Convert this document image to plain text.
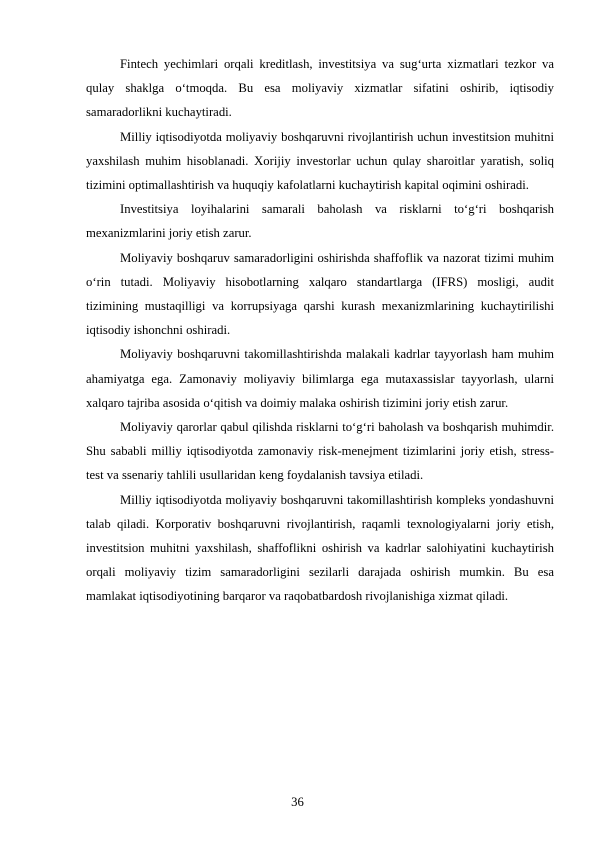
Fintech yechimlari orqali kreditlash, investitsiya va sug‘urta xizmatlari tezkor va qulay shaklga o‘tmoqda. Bu esa moliyaviy xizmatlar sifatini oshirib, iqtisodiy samaradorlikni kuchaytiradi.

Milliy iqtisodiyotda moliyaviy boshqaruvni rivojlantirish uchun investitsion muhitni yaxshilash muhim hisoblanadi. Xorijiy investorlar uchun qulay sharoitlar yaratish, soliq tizimini optimallashtirish va huquqiy kafolatlarni kuchaytirish kapital oqimini oshiradi.

Investitsiya loyihalarini samarali baholash va risklarni to‘g‘ri boshqarish mexanizmlarini joriy etish zarur.

Moliyaviy boshqaruv samaradorligini oshirishda shaffoflik va nazorat tizimi muhim o‘rin tutadi. Moliyaviy hisobotlarning xalqaro standartlarga (IFRS) mosligi, audit tizimining mustaqilligi va korrupsiyaga qarshi kurash mexanizmlarining kuchaytirilishi iqtisodiy ishonchni oshiradi.

Moliyaviy boshqaruvni takomillashtirishda malakali kadrlar tayyorlash ham muhim ahamiyatga ega. Zamonaviy moliyaviy bilimlarga ega mutaxassislar tayyorlash, ularni xalqaro tajriba asosida o‘qitish va doimiy malaka oshirish tizimini joriy etish zarur.

Moliyaviy qarorlar qabul qilishda risklarni to‘g‘ri baholash va boshqarish muhimdir. Shu sababli milliy iqtisodiyotda zamonaviy risk-menejment tizimlarini joriy etish, stress-test va ssenariy tahlili usullaridan keng foydalanish tavsiya etiladi.

Milliy iqtisodiyotda moliyaviy boshqaruvni takomillashtirish kompleks yondashuvni talab qiladi. Korporativ boshqaruvni rivojlantirish, raqamli texnologiyalarni joriy etish, investitsion muhitni yaxshilash, shaffoflikni oshirish va kadrlar salohiyatini kuchaytirish orqali moliyaviy tizim samaradorligini sezilarli darajada oshirish mumkin. Bu esa mamlakat iqtisodiyotining barqaror va raqobatbardosh rivojlanishiga xizmat qiladi.

36
